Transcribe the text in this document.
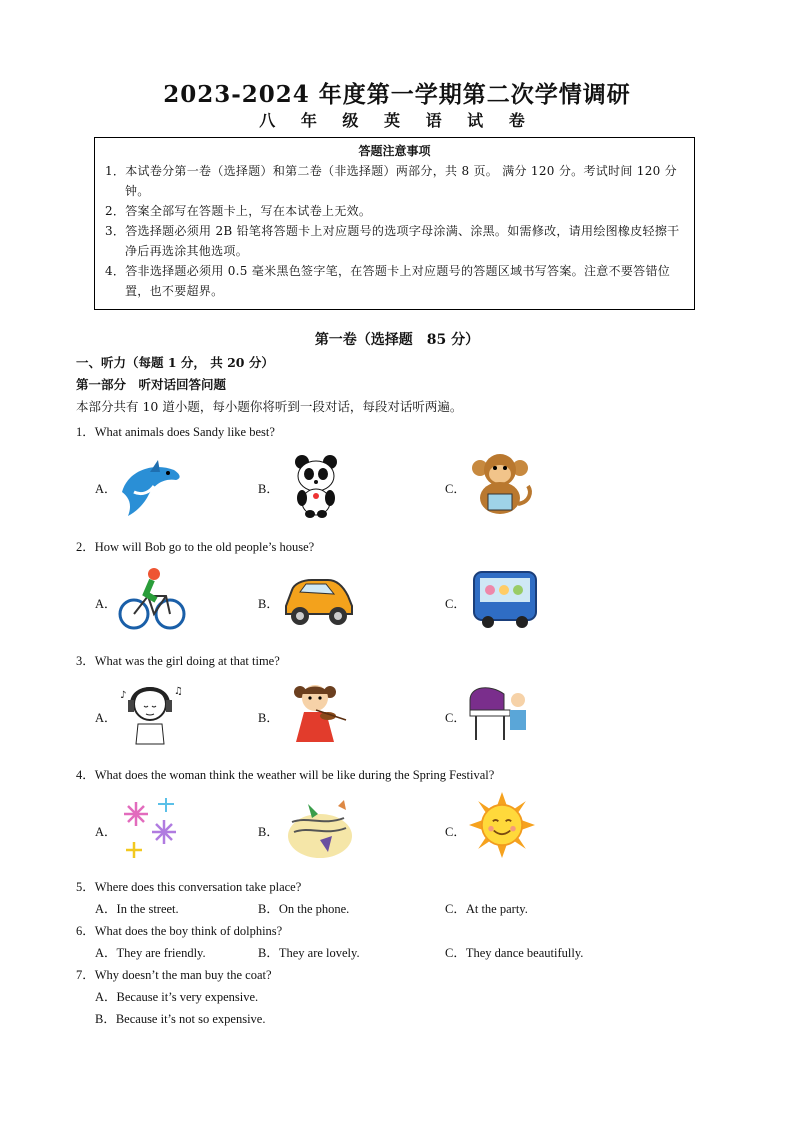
2023-2024 年度第一学期第二次学情调研
八 年 级 英 语 试 卷
答题注意事项
1．本试卷分第一卷（选择题）和第二卷（非选择题）两部分，共 8 页。 满分 120 分。考试时间 120 分钟。
2．答案全部写在答题卡上，写在本试卷上无效。
3．答选择题必须用 2B 铅笔将答题卡上对应题号的选项字母涂满、涂黑。如需修改，请用绘图橡皮轻擦干净后再选涂其他选项。
4．答非选择题必须用 0.5 毫米黑色签字笔，在答题卡上对应题号的答题区域书写答案。注意不要答错位置，也不要超界。
第一卷（选择题　85 分）
一、听力（每题 1 分， 共 20 分）
第一部分　听对话回答问题
本部分共有 10 道小题，每小题你将听到一段对话，每段对话听两遍。
1．What animals does Sandy like best?
A．	B．	C．
2．How will Bob go to the old people’s house?
A．	B．	C．
3．What was the girl doing at that time?
A．	B．	C．
♪	♫
4．What does the woman think the weather will be like during the Spring Festival?
A．	B．	C．
5．Where does this conversation take place?
A．In the street.	B．On the phone.	C．At the party.
6．What does the boy think of dolphins?
A．They are friendly.	B．They are lovely.	C．They dance beautifully.
7．Why doesn’t the man buy the coat?
A．Because it’s very expensive.
B．Because it’s not so expensive.
